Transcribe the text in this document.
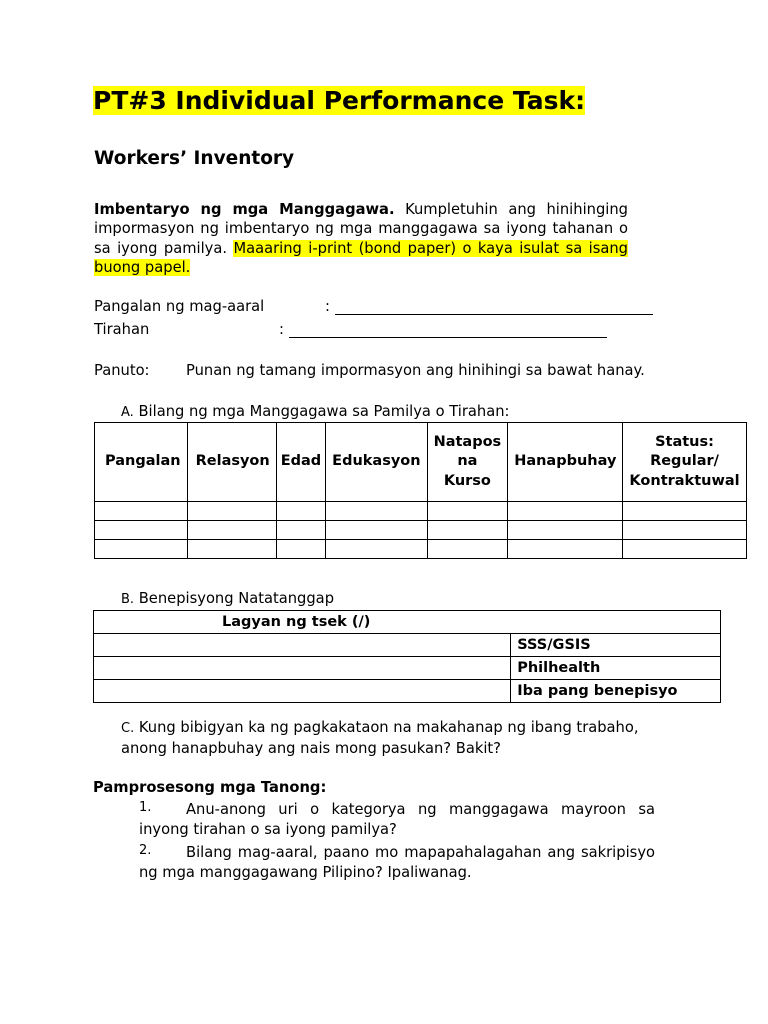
PT#3 Individual Performance Task:
Workers’ Inventory
Imbentaryo ng mga Manggagawa. Kumpletuhin ang hinihinging impormasyon ng imbentaryo ng mga manggagawa sa iyong tahanan o sa iyong pamilya. Maaaring i-print (bond paper) o kaya isulat sa isang buong papel.
Pangalan ng mag-aaral	:
Tirahan	:
Panuto: Punan ng tamang impormasyon ang hinihingi sa bawat hanay.
A. Bilang ng mga Manggagawa sa Pamilya o Tirahan:
Pangalan	Relasyon	Edad	Edukasyon	Natapos na Kurso	Hanapbuhay	Status: Regular/ Kontraktuwal

B. Benepisyong Natatanggap
Lagyan ng tsek (/)	
	SSS/GSIS
	Philhealth
	Iba pang benepisyo
C. Kung bibigyan ka ng pagkakataon na makahanap ng ibang trabaho, anong hanapbuhay ang nais mong pasukan? Bakit?
Pamprosesong mga Tanong:
1.	Anu-anong uri o kategorya ng manggagawa mayroon sa inyong tirahan o sa iyong pamilya?
2.	Bilang mag-aaral, paano mo mapapahalagahan ang sakripisyo ng mga manggagawang Pilipino? Ipaliwanag.
